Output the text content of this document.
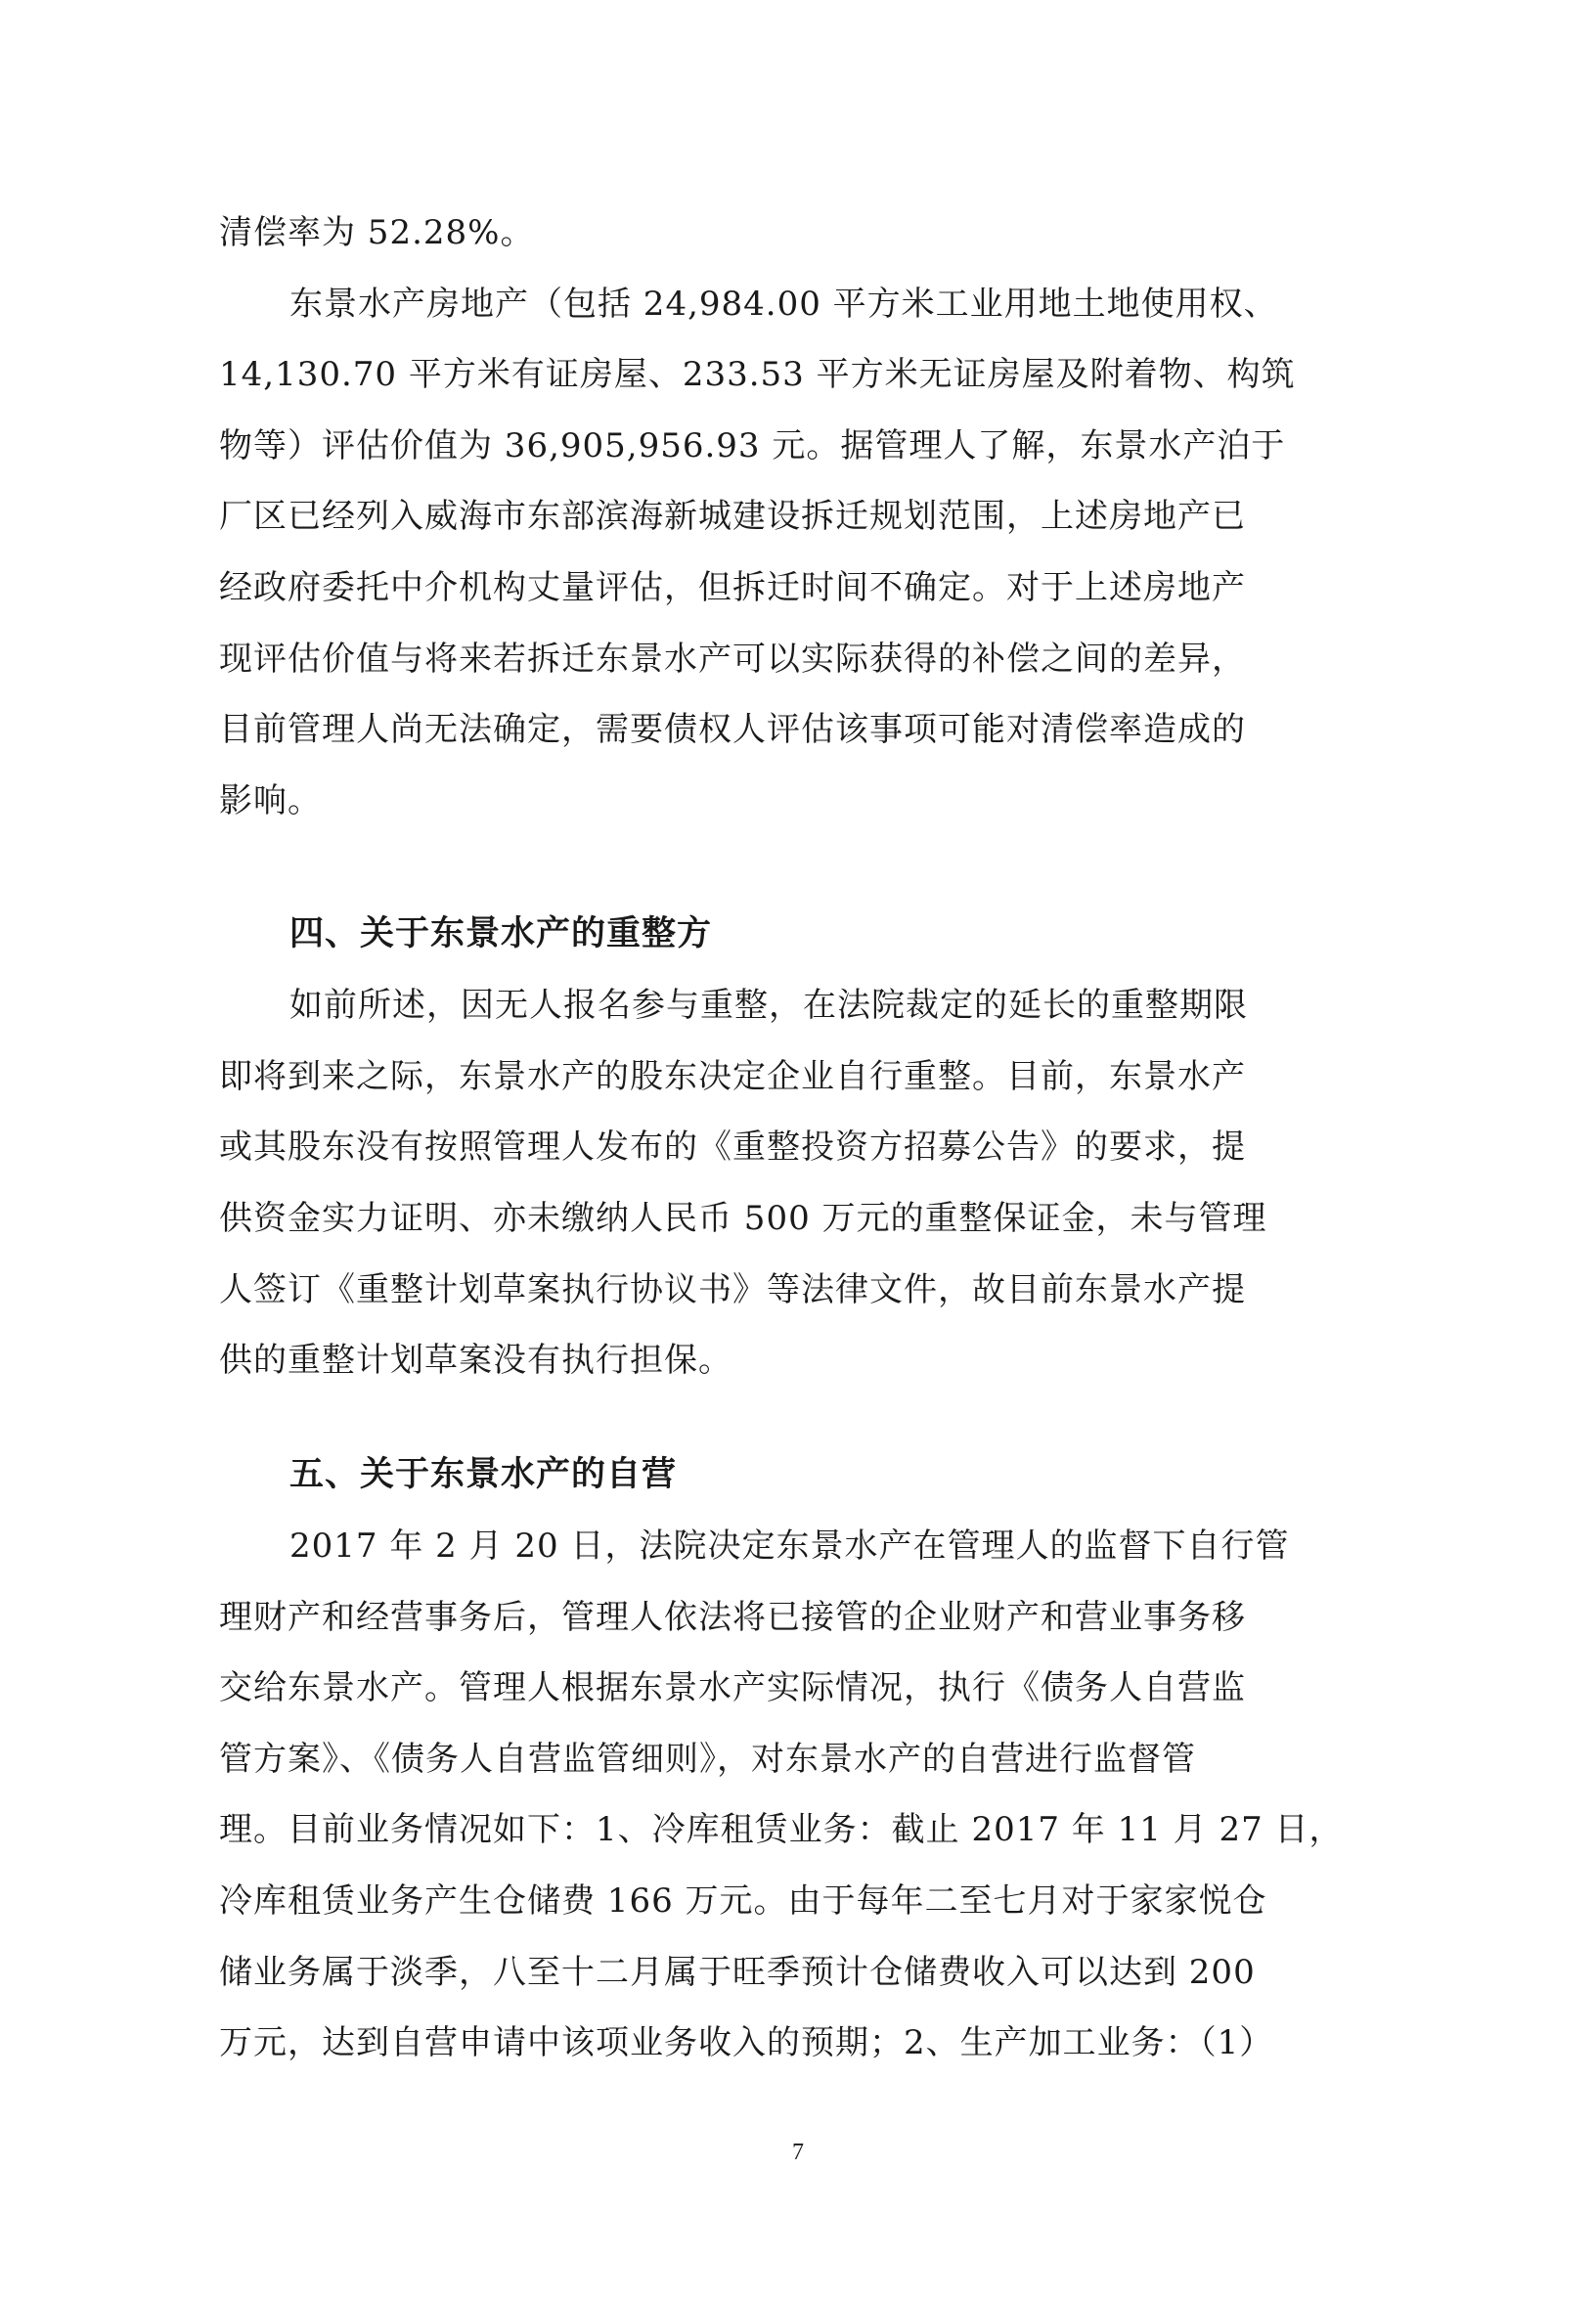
清偿率为 52.28%。
东景水产房地产（包括 24,984.00 平方米工业用地土地使用权、
14,130.70 平方米有证房屋、233.53 平方米无证房屋及附着物、构筑
物等）评估价值为 36,905,956.93 元。据管理人了解，东景水产泊于
厂区已经列入威海市东部滨海新城建设拆迁规划范围，上述房地产已
经政府委托中介机构丈量评估，但拆迁时间不确定。对于上述房地产
现评估价值与将来若拆迁东景水产可以实际获得的补偿之间的差异，
目前管理人尚无法确定，需要债权人评估该事项可能对清偿率造成的
影响。
四、关于东景水产的重整方
如前所述，因无人报名参与重整，在法院裁定的延长的重整期限
即将到来之际，东景水产的股东决定企业自行重整。目前，东景水产
或其股东没有按照管理人发布的《重整投资方招募公告》的要求，提
供资金实力证明、亦未缴纳人民币 500 万元的重整保证金，未与管理
人签订《重整计划草案执行协议书》等法律文件，故目前东景水产提
供的重整计划草案没有执行担保。
五、关于东景水产的自营
2017 年 2 月 20 日，法院决定东景水产在管理人的监督下自行管
理财产和经营事务后，管理人依法将已接管的企业财产和营业事务移
交给东景水产。管理人根据东景水产实际情况，执行《债务人自营监
管方案》、《债务人自营监管细则》，对东景水产的自营进行监督管
理。目前业务情况如下：1、冷库租赁业务：截止 2017 年 11 月 27 日，
冷库租赁业务产生仓储费 166 万元。由于每年二至七月对于家家悦仓
储业务属于淡季，八至十二月属于旺季预计仓储费收入可以达到 200
万元，达到自营申请中该项业务收入的预期；2、生产加工业务：（1）
7
